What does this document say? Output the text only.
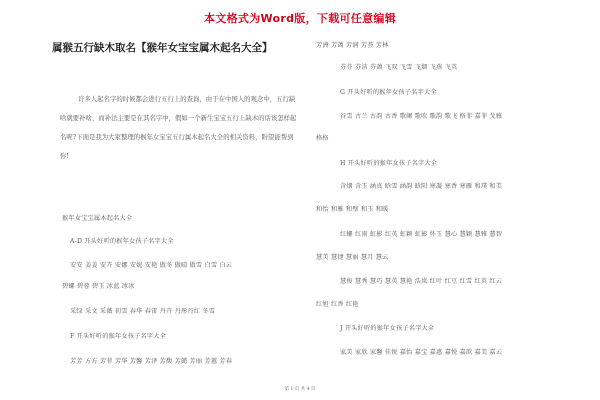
本文格式为Word版，下载可任意编辑
属猴五行缺木取名【猴年女宝宝属木起名大全】

许多人起名字的时候都会进行五行上的查询，由于在中国人的观念中，五行缺啥就要补啥，而补法主要是在其名字中，假如一个新生宝宝五行上缺木的话该怎样起名呢?下面是我为大家整理的猴年女宝宝五行属木起名大全的相关资料，盼望能帮到你!

猴年女宝宝属木起名大全
A-D 开头好听的猴年女孩子名字大全
安安 姜姜 安卉 安娜 安妮 安艳 傲冬 傲晴 傲雪 白雪 白云
碧螺 碧蓉 碧玉 冰蓝 冰冰
采绿 采文 采薇 初雪 春华 春雷 丹卉 丹彤丹红 冬雪
F 开头好听的猴年女孩子名字大全
芳芳 方方 芳菲 芳华 芳馨 芳泽 芳馥 芳懿 芳丽 芳蕙 芳春
芳洲 芳蔼 芳润 芳荟 芳林
芬芬 芬洁 芬蔼 飞双 飞雪 飞烟 飞燕 飞英
G 开头好听的猴年女孩子名字大全
谷雪 古兰 古韵 古香 歌阑 歌吹 歌韵 歌飞 格菲 嘉菲 戈雅
格格
H 开头好听的猴年女孩子名字大全
含烟 含玉 涵真 晗雪 涵韵 晗阳 寒凝 寒香 寒雁 和璞 和美
和怡 和雅 和璧 和玉 和暖
红螺 红雨 虹影 红英 虹颖 虹影 怀玉 慧心 慧颖 慧雅 慧智
慧美 慧捷 慧丽 慧月 慧云
慧俊 慧秀 慧巧 慧英 慧艳 浩岚 红叶 红豆 红雪 红英 红云
红旭 红香 红艳
J 开头好听的猴年女孩子名字大全
家美 家欣 家馨 佳悦 嘉怡 嘉宝 嘉惠 嘉悦 嘉歆 嘉美 嘉云
第 1 页 共 4 页
